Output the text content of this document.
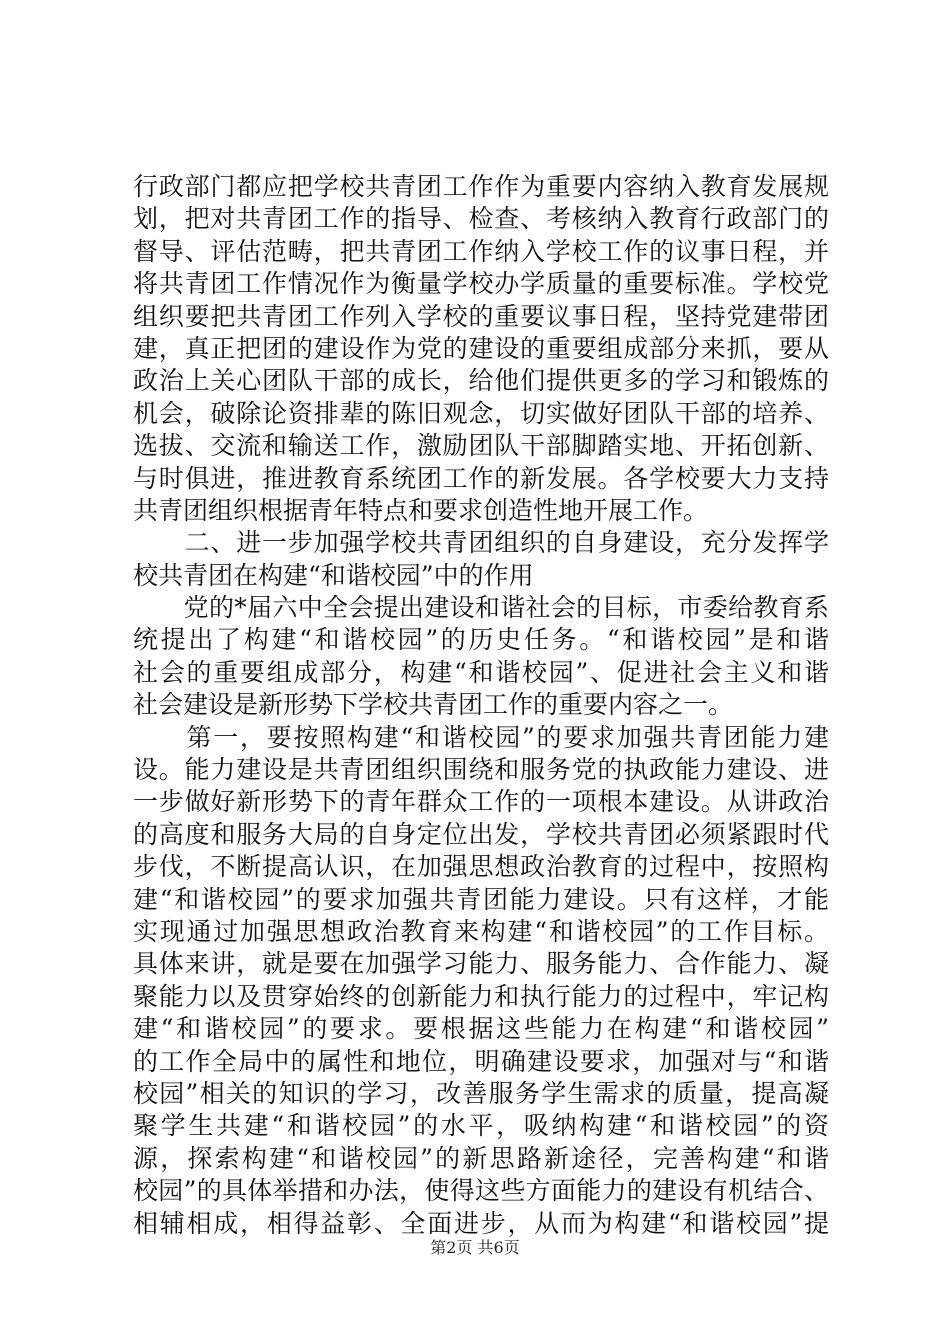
行政部门都应把学校共青团工作作为重要内容纳入教育发展规
划，把对共青团工作的指导、检查、考核纳入教育行政部门的
督导、评估范畴，把共青团工作纳入学校工作的议事日程，并
将共青团工作情况作为衡量学校办学质量的重要标准。学校党
组织要把共青团工作列入学校的重要议事日程，坚持党建带团
建，真正把团的建设作为党的建设的重要组成部分来抓，要从
政治上关心团队干部的成长，给他们提供更多的学习和锻炼的
机会，破除论资排辈的陈旧观念，切实做好团队干部的培养、
选拔、交流和输送工作，激励团队干部脚踏实地、开拓创新、
与时俱进，推进教育系统团工作的新发展。各学校要大力支持
共青团组织根据青年特点和要求创造性地开展工作。
　　二、进一步加强学校共青团组织的自身建设，充分发挥学
校共青团在构建“和谐校园”中的作用
　　党的*届六中全会提出建设和谐社会的目标，市委给教育系
统提出了构建“和谐校园”的历史任务。“和谐校园”是和谐
社会的重要组成部分，构建“和谐校园”、促进社会主义和谐
社会建设是新形势下学校共青团工作的重要内容之一。
　　第一，要按照构建“和谐校园”的要求加强共青团能力建
设。能力建设是共青团组织围绕和服务党的执政能力建设、进
一步做好新形势下的青年群众工作的一项根本建设。从讲政治
的高度和服务大局的自身定位出发，学校共青团必须紧跟时代
步伐，不断提高认识，在加强思想政治教育的过程中，按照构
建“和谐校园”的要求加强共青团能力建设。只有这样，才能
实现通过加强思想政治教育来构建“和谐校园”的工作目标。
具体来讲，就是要在加强学习能力、服务能力、合作能力、凝
聚能力以及贯穿始终的创新能力和执行能力的过程中，牢记构
建“和谐校园”的要求。要根据这些能力在构建“和谐校园”
的工作全局中的属性和地位，明确建设要求，加强对与“和谐
校园”相关的知识的学习，改善服务学生需求的质量，提高凝
聚学生共建“和谐校园”的水平，吸纳构建“和谐校园”的资
源，探索构建“和谐校园”的新思路新途径，完善构建“和谐
校园”的具体举措和办法，使得这些方面能力的建设有机结合、
相辅相成，相得益彰、全面进步，从而为构建“和谐校园”提
第2页 共6页
